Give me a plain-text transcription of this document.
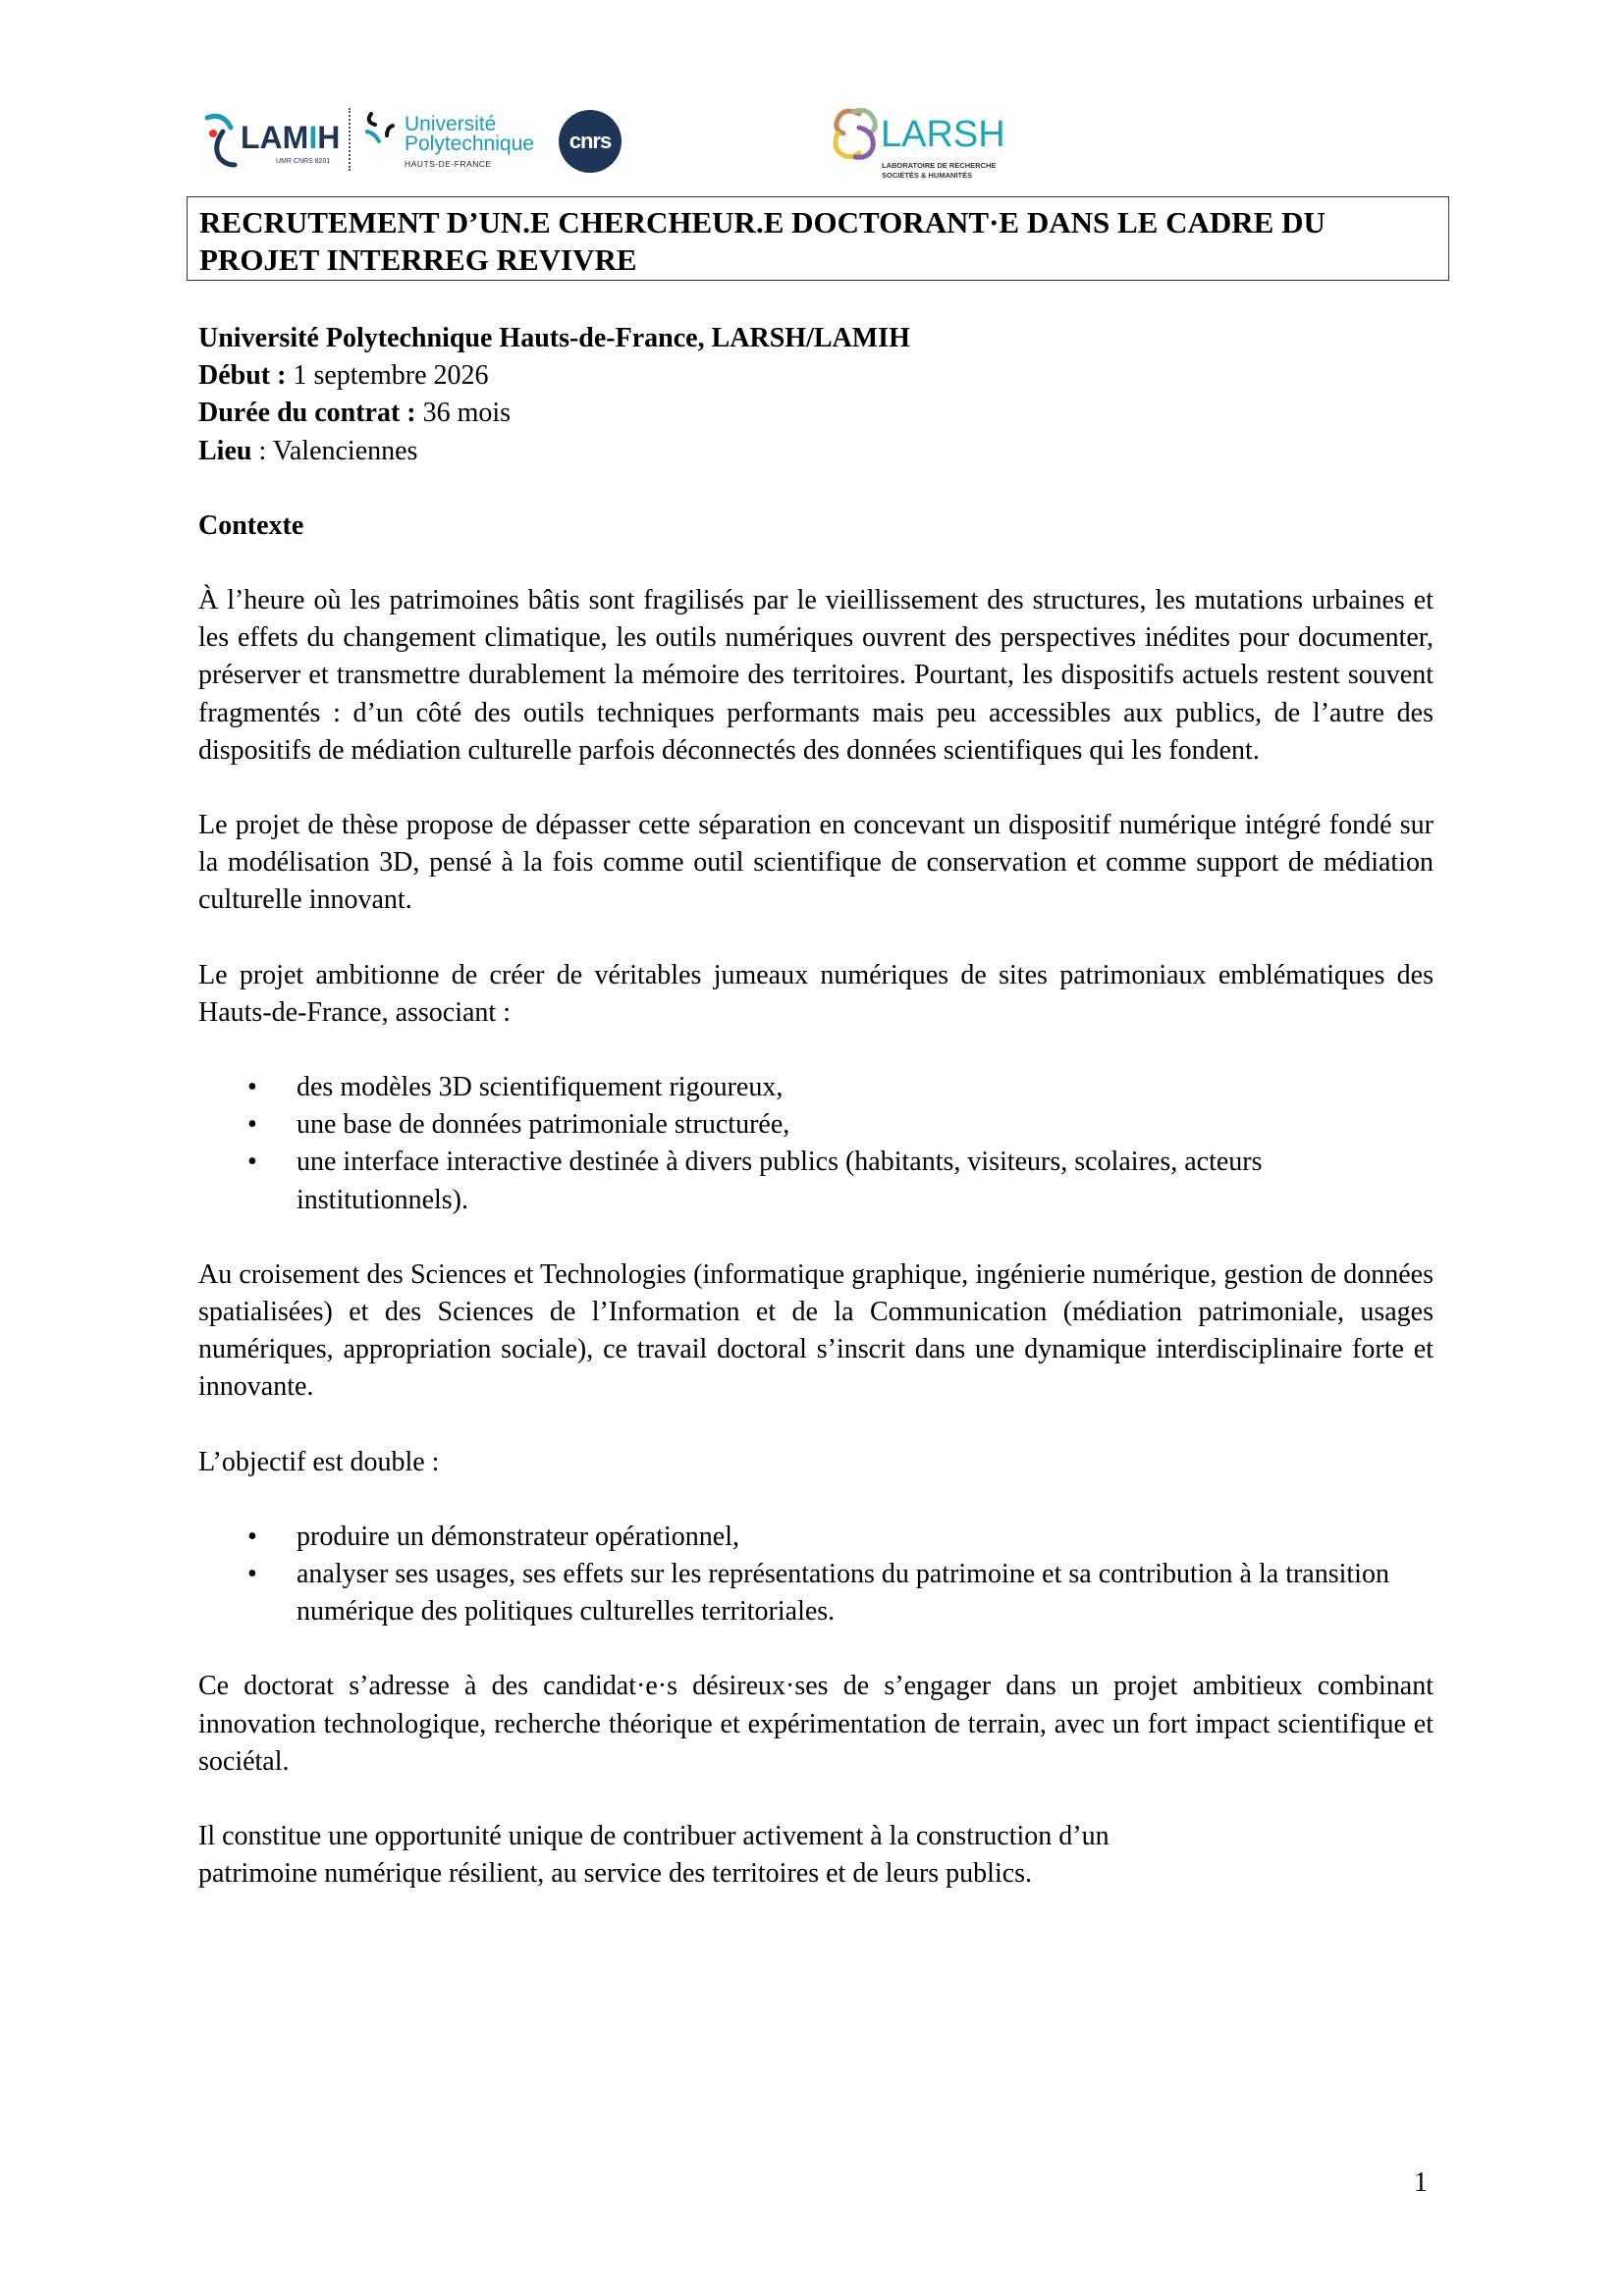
LAMIH
UMR CNRS 8201
Université
Polytechnique
HAUTS-DE-FRANCE
cnrs	LARSH
LABORATOIRE DE RECHERCHE
SOCIÉTÉS & HUMANITÉS
RECRUTEMENT D’UN.E CHERCHEUR.E DOCTORANT·E DANS LE CADRE DU PROJET INTERREG REVIVRE

Université Polytechnique Hauts-de-France, LARSH/LAMIH

Début : 1 septembre 2026

Durée du contrat : 36 mois

Lieu : Valenciennes

Contexte

À l’heure où les patrimoines bâtis sont fragilisés par le vieillissement des structures, les mutations urbaines et les effets du changement climatique, les outils numériques ouvrent des perspectives inédites pour documenter, préserver et transmettre durablement la mémoire des territoires. Pourtant, les dispositifs actuels restent souvent fragmentés : d’un côté des outils techniques performants mais peu accessibles aux publics, de l’autre des dispositifs de médiation culturelle parfois déconnectés des données scientifiques qui les fondent.

Le projet de thèse propose de dépasser cette séparation en concevant un dispositif numérique intégré fondé sur la modélisation 3D, pensé à la fois comme outil scientifique de conservation et comme support de médiation culturelle innovant.

Le projet ambitionne de créer de véritables jumeaux numériques de sites patrimoniaux emblématiques des Hauts-de-France, associant :

• des modèles 3D scientifiquement rigoureux,
• une base de données patrimoniale structurée,
• une interface interactive destinée à divers publics (habitants, visiteurs, scolaires, acteurs institutionnels).

Au croisement des Sciences et Technologies (informatique graphique, ingénierie numérique, gestion de données spatialisées) et des Sciences de l’Information et de la Communication (médiation patrimoniale, usages numériques, appropriation sociale), ce travail doctoral s’inscrit dans une dynamique interdisciplinaire forte et innovante.

L’objectif est double :

• produire un démonstrateur opérationnel,
• analyser ses usages, ses effets sur les représentations du patrimoine et sa contribution à la transition numérique des politiques culturelles territoriales.

Ce doctorat s’adresse à des candidat·e·s désireux·ses de s’engager dans un projet ambitieux combinant innovation technologique, recherche théorique et expérimentation de terrain, avec un fort impact scientifique et sociétal.

Il constitue une opportunité unique de contribuer activement à la construction d’un

patrimoine numérique résilient, au service des territoires et de leurs publics.

1
